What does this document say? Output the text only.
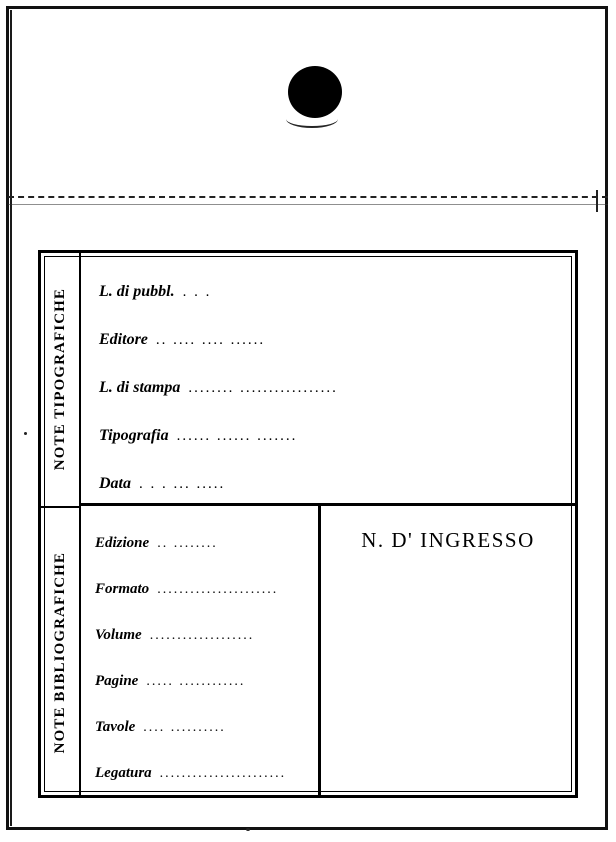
NOTE TIPOGRAFICHE
NOTE BIBLIOGRAFICHE
L. di pubbl. . . .
Editore .. .... .... ......
L. di stampa ........ .................
Tipografia ...... ...... .......
Data . . . ... .....
Edizione .. ........
Formato ......................
Volume ...................
Pagine ..... ............
Tavole .... ..........
Legatura .......................
N. D' INGRESSO
